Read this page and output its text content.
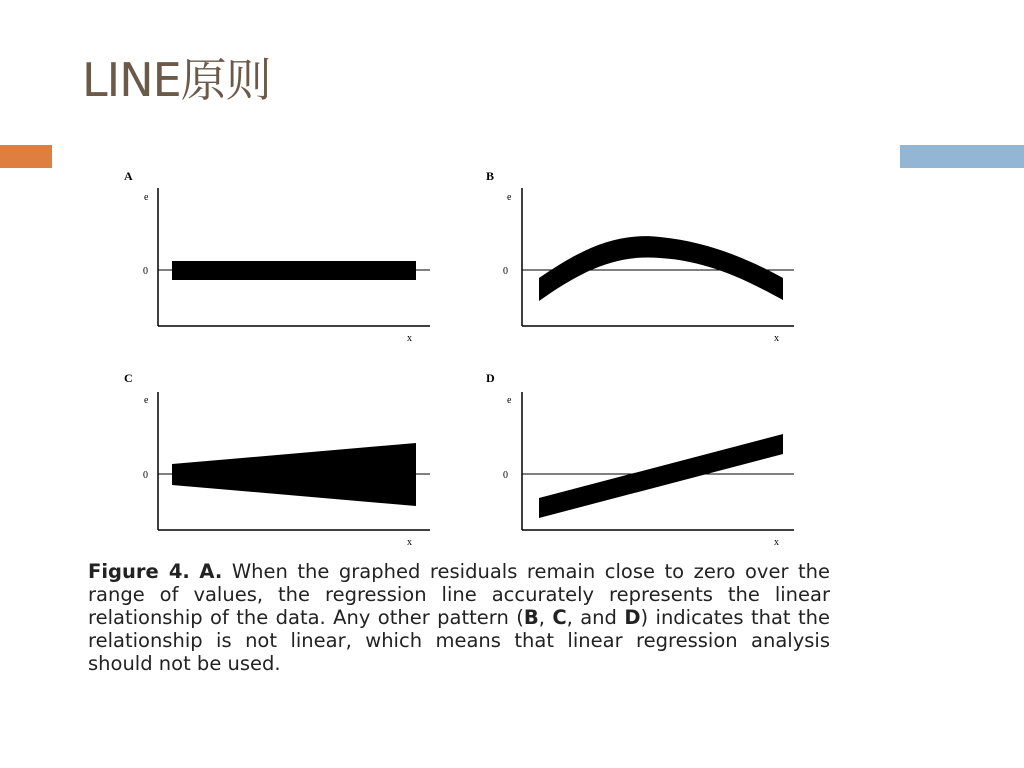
LINE原则
A
e
0
x
B
e
0
x
C
e
0
x
D
e
0
x

Figure 4. A. When the graphed residuals remain close to zero over the range of values, the regression line accurately represents the linear relationship of the data. Any other pattern (B, C, and D) indicates that the relationship is not linear, which means that linear regression analysis should not be used.
